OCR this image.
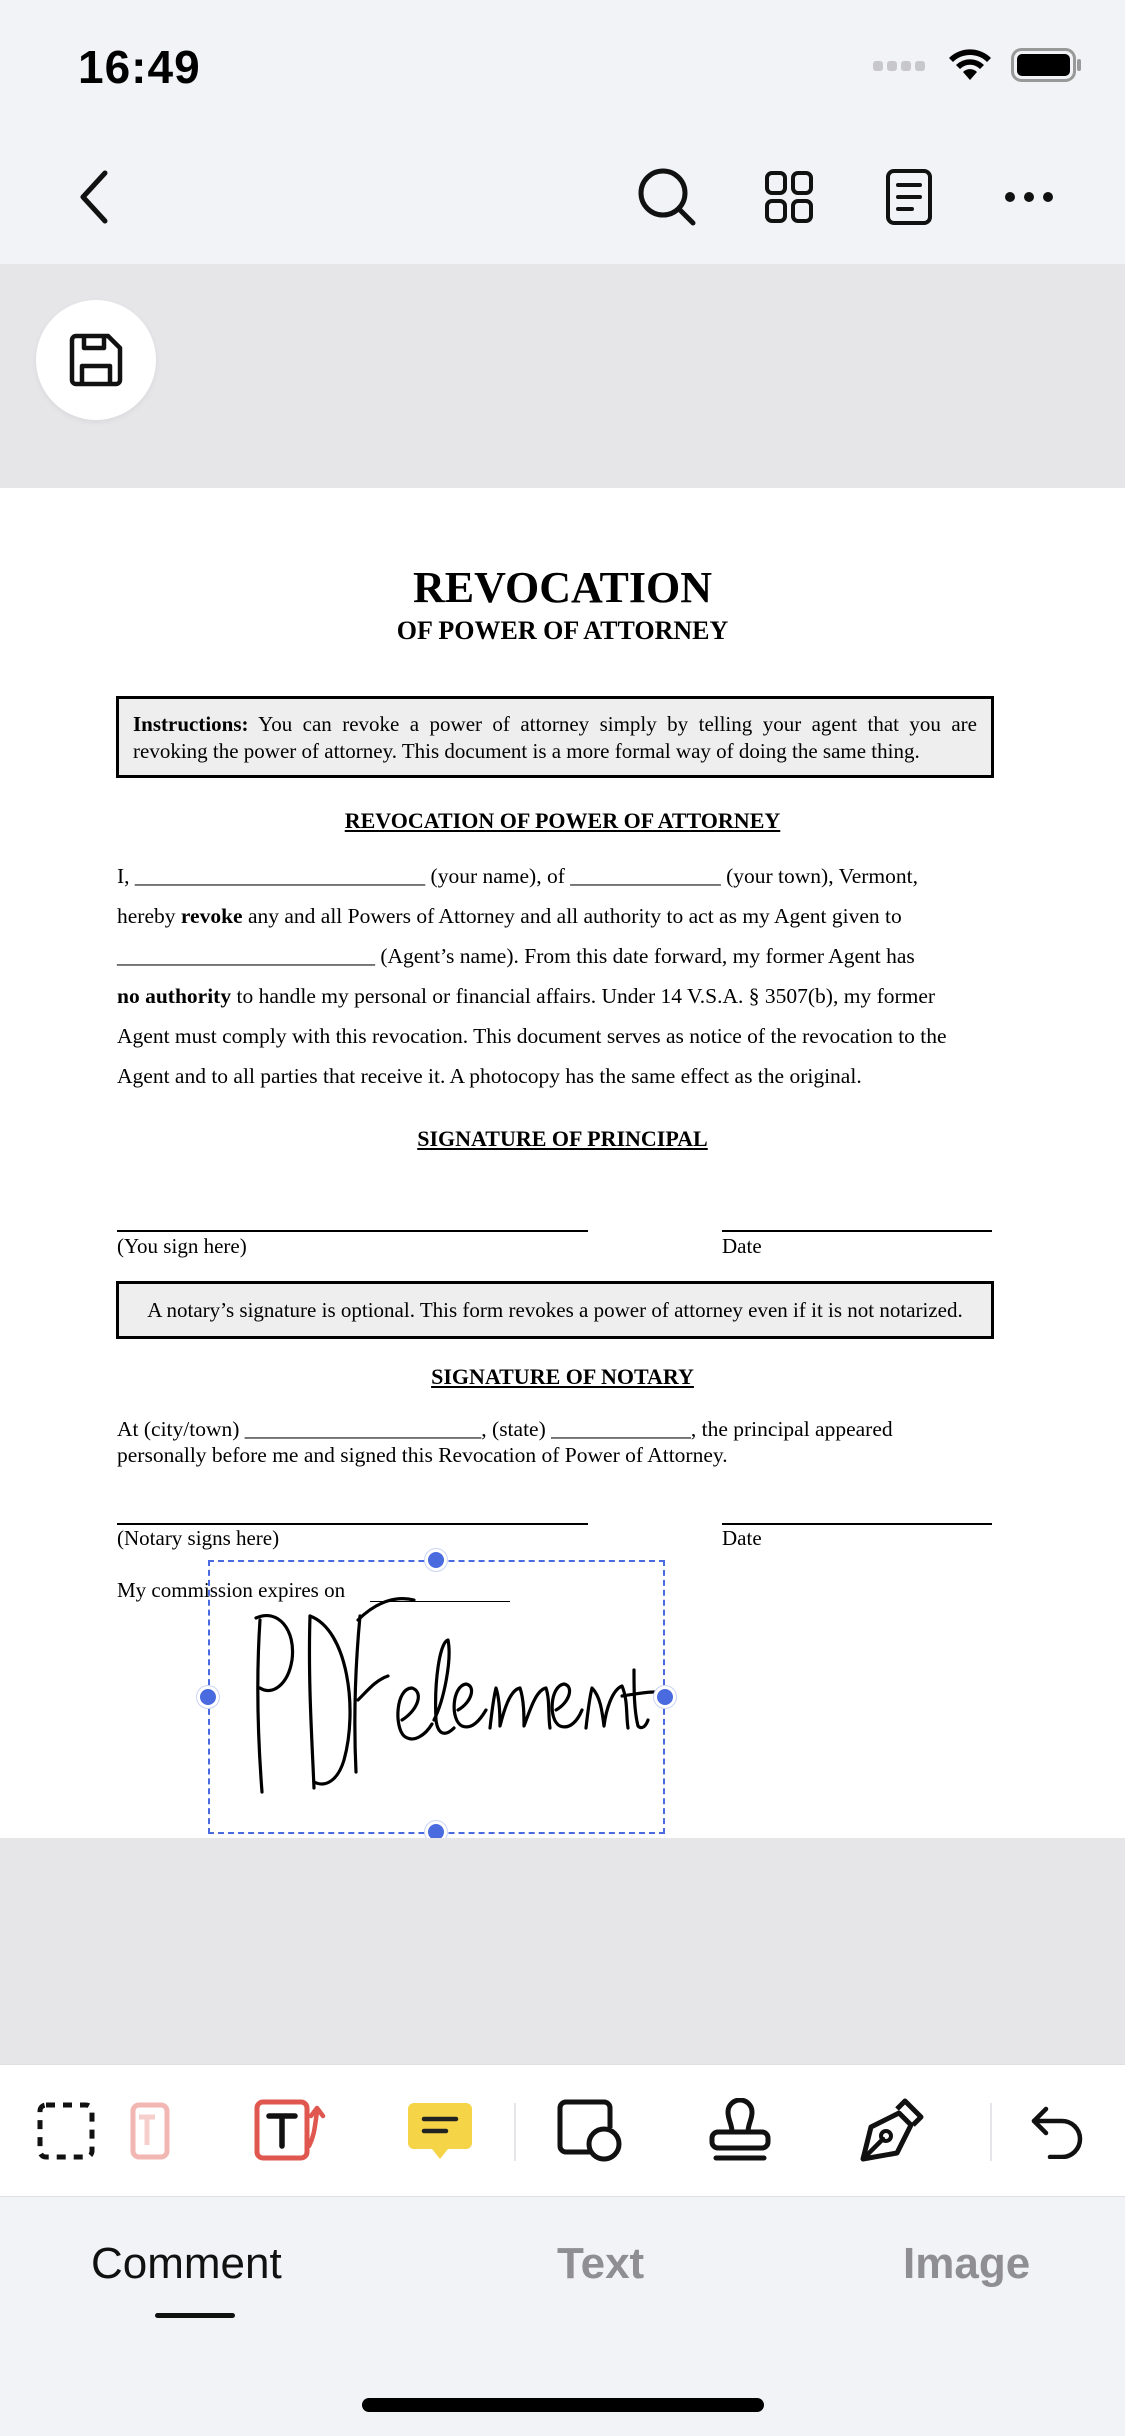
16:49
REVOCATION
OF POWER OF ATTORNEY
Instructions: You can revoke a power of attorney simply by telling your agent that you are revoking the power of attorney. This document is a more formal way of doing the same thing.
REVOCATION OF POWER OF ATTORNEY
I, ___________________________ (your name), of ______________ (your town), Vermont,
hereby revoke any and all Powers of Attorney and all authority to act as my Agent given to
________________________ (Agent’s name). From this date forward, my former Agent has
no authority to handle my personal or financial affairs. Under 14 V.S.A. § 3507(b), my former
Agent must comply with this revocation. This document serves as notice of the revocation to the
Agent and to all parties that receive it. A photocopy has the same effect as the original.
SIGNATURE OF PRINCIPAL
(You sign here)	Date
A notary’s signature is optional. This form revokes a power of attorney even if it is not notarized.
SIGNATURE OF NOTARY
At (city/town) ______________________, (state) _____________, the principal appeared
personally before me and signed this Revocation of Power of Attorney.
(Notary signs here)	Date
My commission expires on
Comment	Text	Image
